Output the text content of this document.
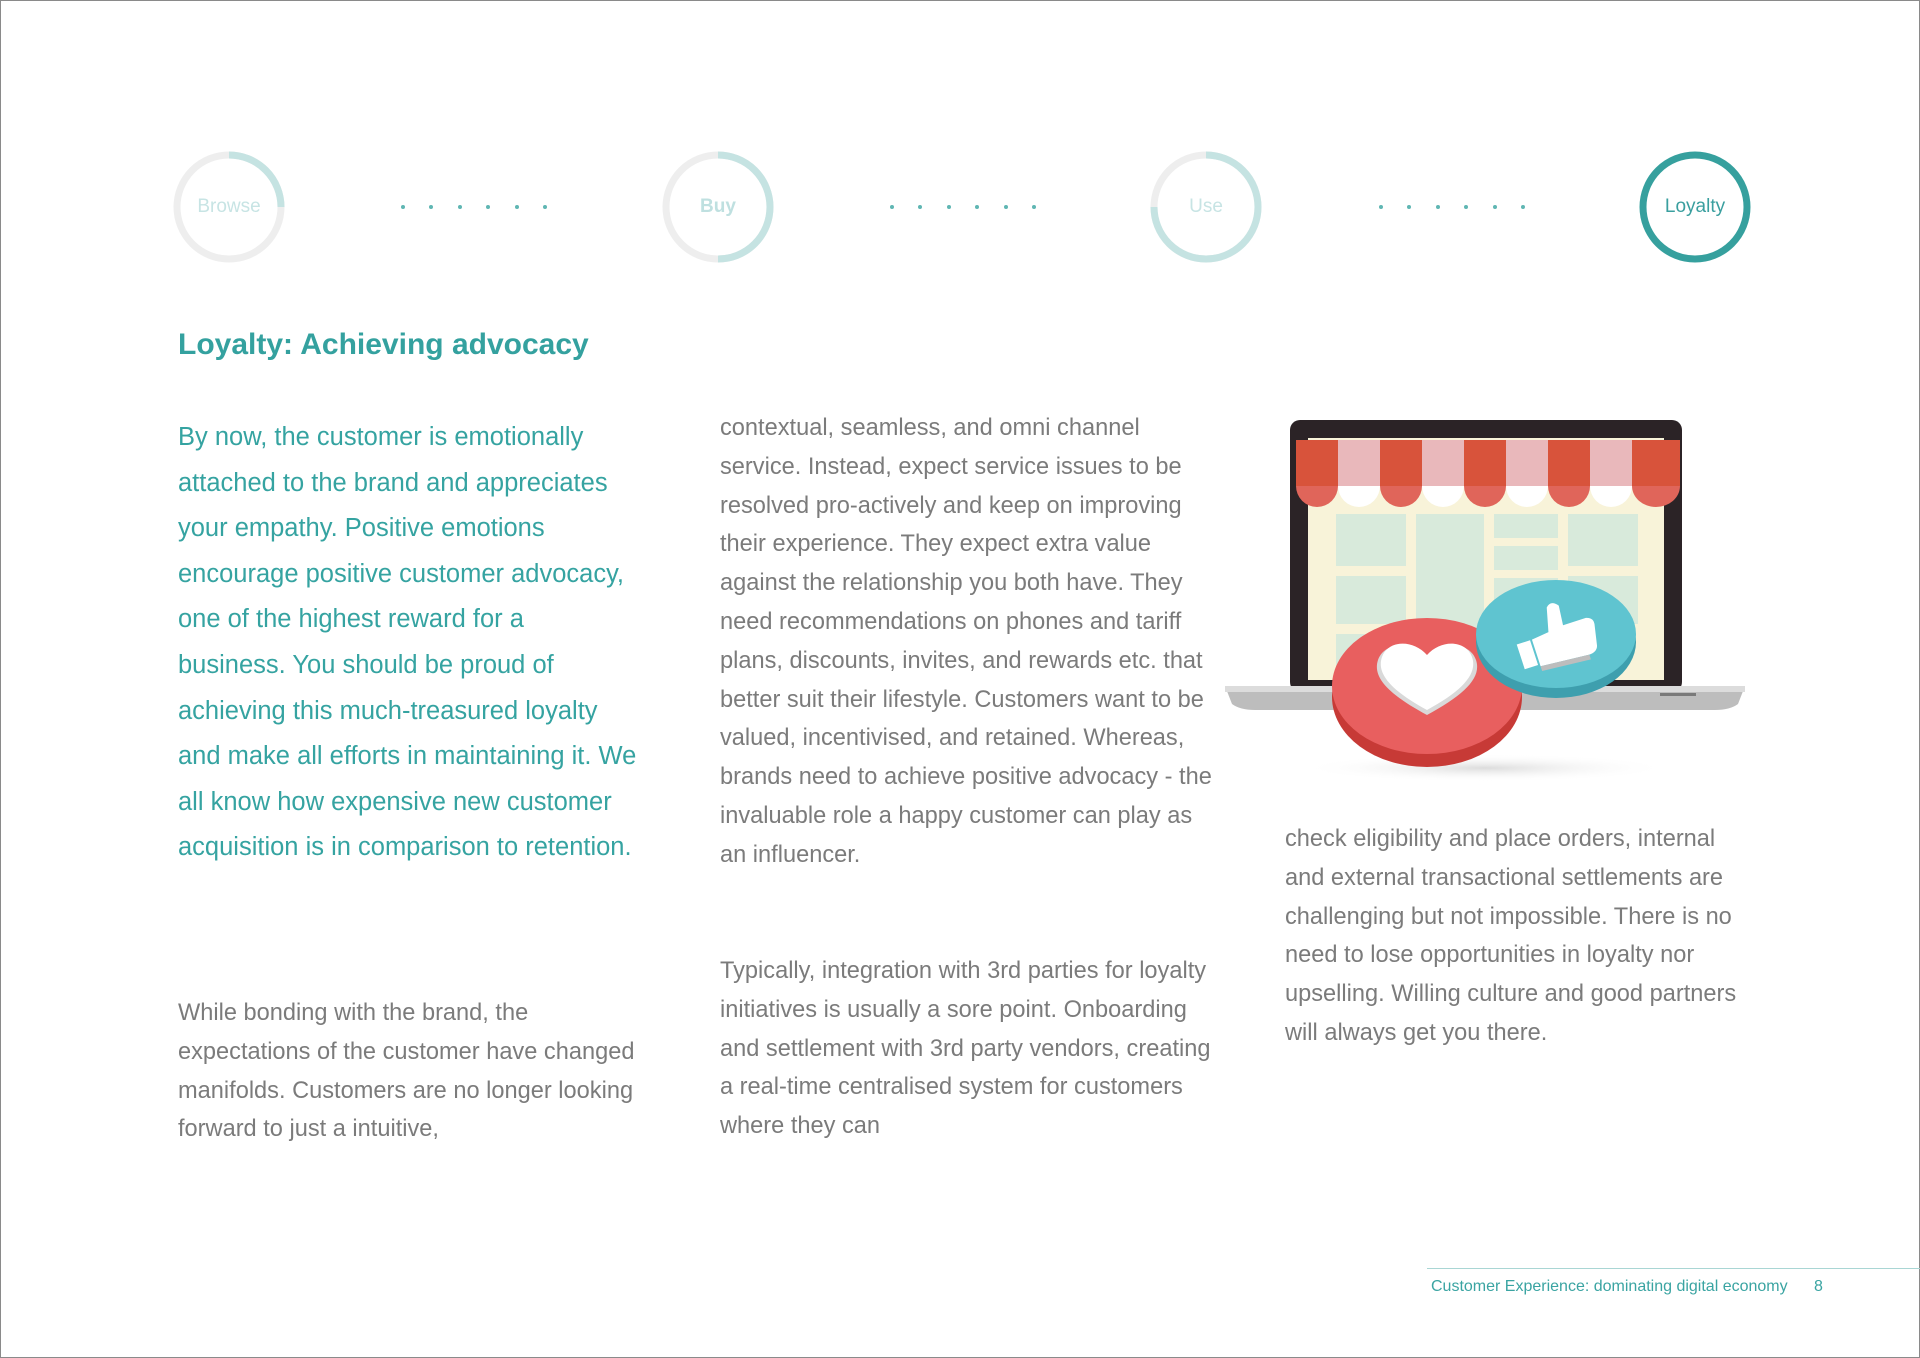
Browse	Buy	Use	Loyalty
Loyalty: Achieving advocacy

By now, the customer is emotionally attached to the brand and appreciates your empathy. Positive emotions encourage positive customer advocacy, one of the highest reward for a business. You should be proud of achieving this much-treasured loyalty and make all efforts in maintaining it. We all know how expensive new customer acquisition is in comparison to retention.

While bonding with the brand, the expectations of the customer have changed manifolds. Customers are no longer looking forward to just a intuitive,

contextual, seamless, and omni channel service. Instead, expect service issues to be resolved pro-actively and keep on improving their experience. They expect extra value against the relationship you both have. They need recommendations on phones and tariff plans, discounts, invites, and rewards etc. that better suit their lifestyle. Customers want to be valued, incentivised, and retained. Whereas, brands need to achieve positive advocacy - the invaluable role a happy customer can play as an influencer.

Typically, integration with 3rd parties for loyalty initiatives is usually a sore point. Onboarding and settlement with 3rd party vendors, creating a real-time centralised system for customers where they can

check eligibility and place orders, internal and external transactional settlements are challenging but not impossible. There is no need to lose opportunities in loyalty nor upselling. Willing culture and good partners will always get you there.

Customer Experience: dominating digital economy 8
